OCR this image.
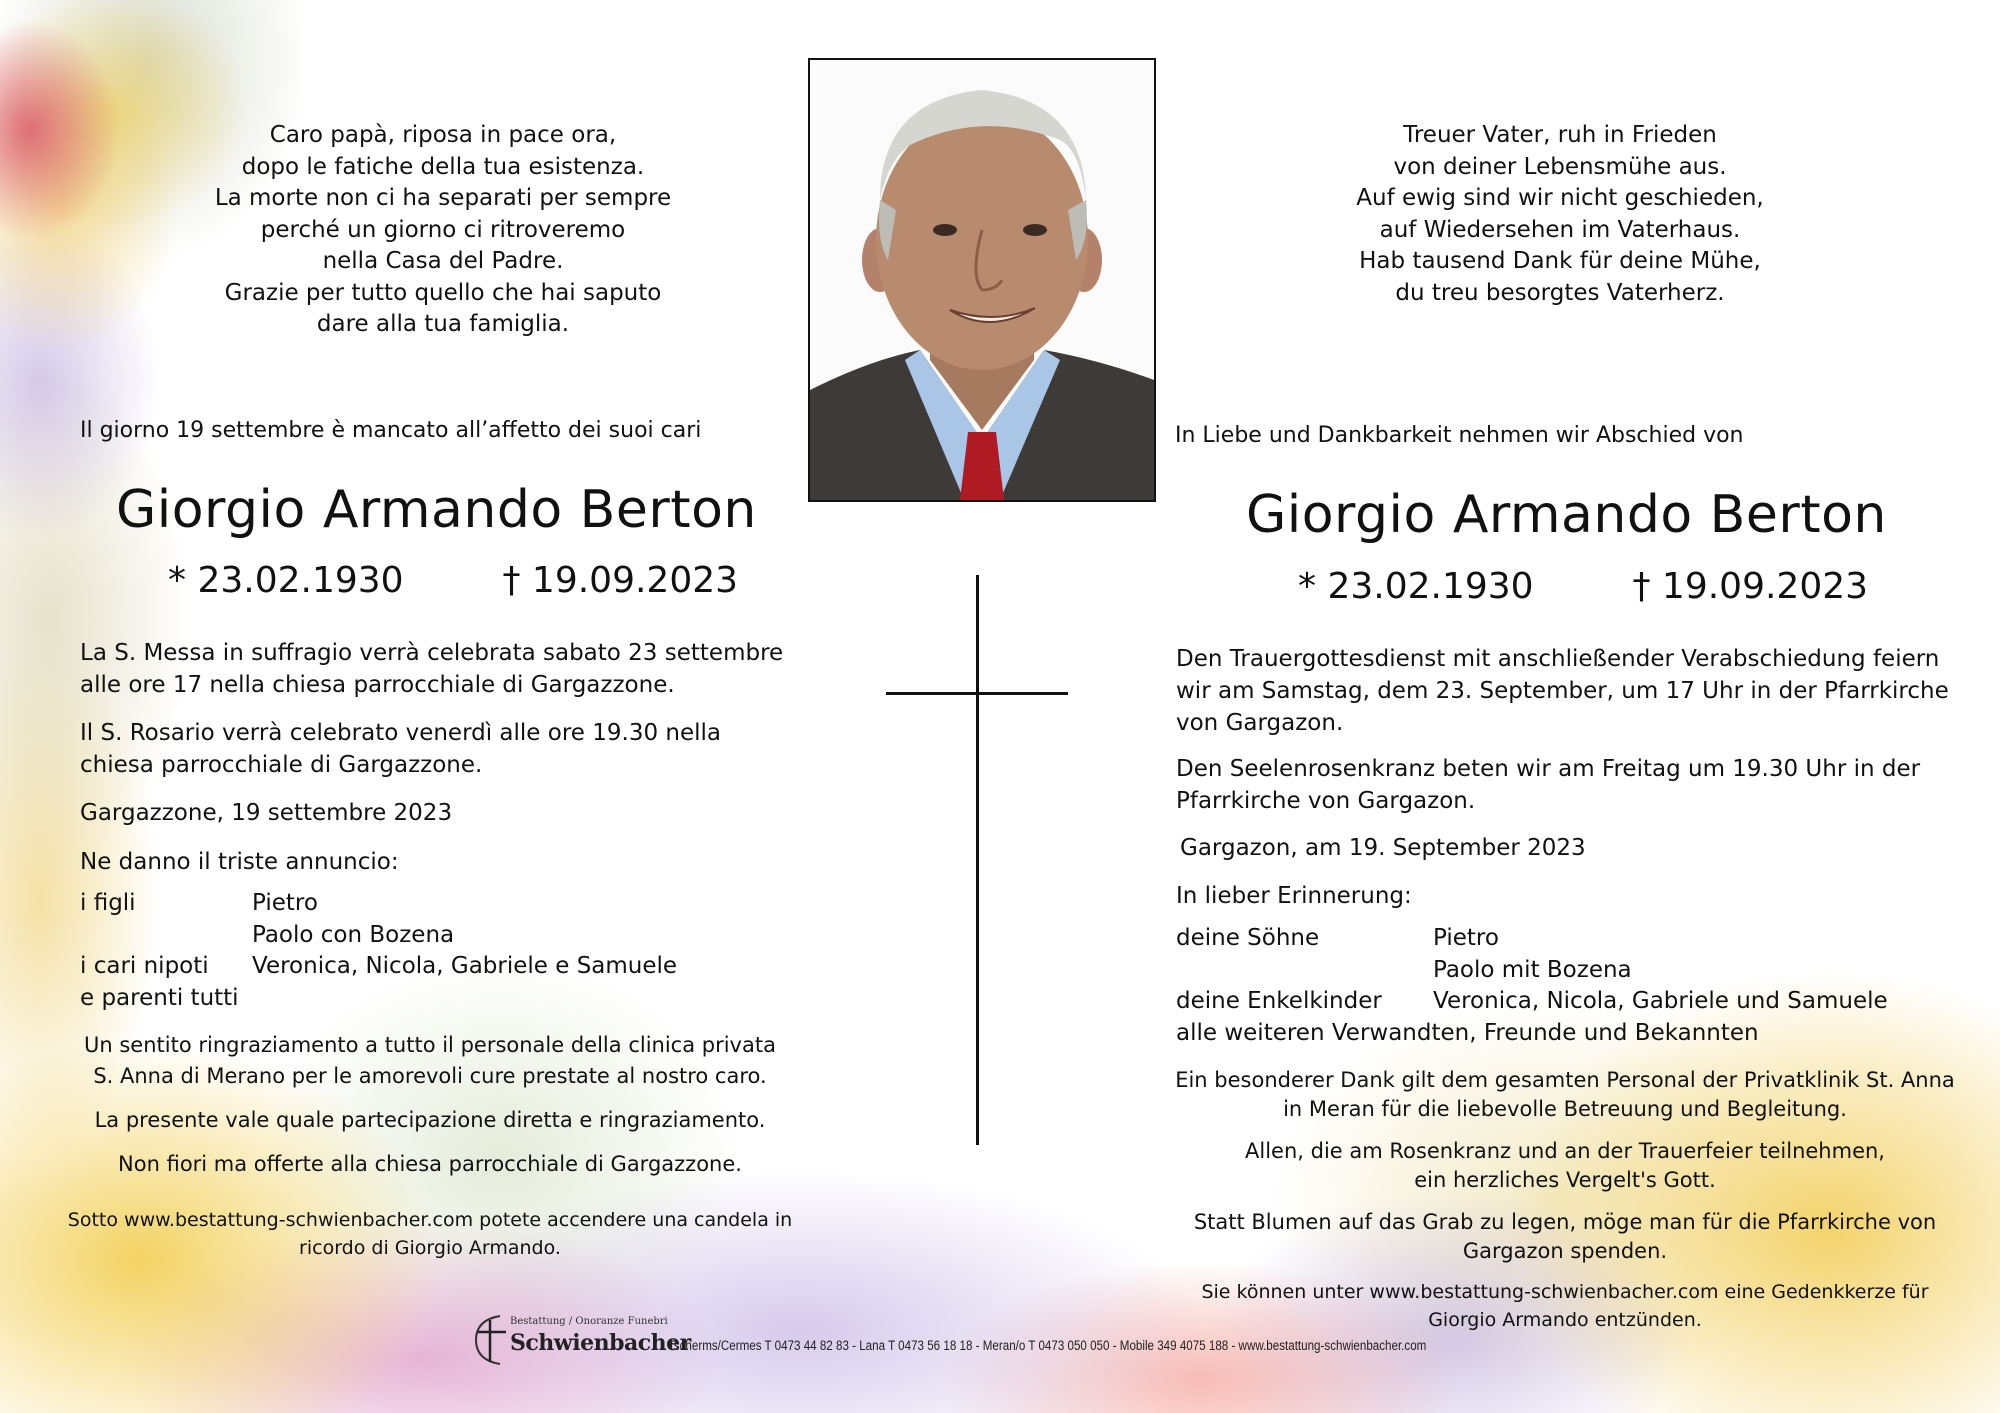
Caro papà, riposa in pace ora,
dopo le fatiche della tua esistenza.
La morte non ci ha separati per sempre
perché un giorno ci ritroveremo
nella Casa del Padre.
Grazie per tutto quello che hai saputo
dare alla tua famiglia.
Il giorno 19 settembre è mancato all’affetto dei suoi cari
Giorgio Armando Berton
* 23.02.1930	† 19.09.2023
La S. Messa in suffragio verrà celebrata sabato 23 settembre
alle ore 17 nella chiesa parrocchiale di Gargazzone.
Il S. Rosario verrà celebrato venerdì alle ore 19.30 nella
chiesa parrocchiale di Gargazzone.
Gargazzone, 19 settembre 2023
Ne danno il triste annuncio:
i figli	Pietro
Paolo con Bozena
i cari nipoti	Veronica, Nicola, Gabriele e Samuele
e parenti tutti
Un sentito ringraziamento a tutto il personale della clinica privata
S. Anna di Merano per le amorevoli cure prestate al nostro caro.
La presente vale quale partecipazione diretta e ringraziamento.
Non fiori ma offerte alla chiesa parrocchiale di Gargazzone.
Sotto www.bestattung-schwienbacher.com potete accendere una candela in
ricordo di Giorgio Armando.
Treuer Vater, ruh in Frieden
von deiner Lebensmühe aus.
Auf ewig sind wir nicht geschieden,
auf Wiedersehen im Vaterhaus.
Hab tausend Dank für deine Mühe,
du treu besorgtes Vaterherz.
In Liebe und Dankbarkeit nehmen wir Abschied von
Giorgio Armando Berton
* 23.02.1930	† 19.09.2023
Den Trauergottesdienst mit anschließender Verabschiedung feiern
wir am Samstag, dem 23. September, um 17 Uhr in der Pfarrkirche
von Gargazon.
Den Seelenrosenkranz beten wir am Freitag um 19.30 Uhr in der
Pfarrkirche von Gargazon.
Gargazon, am 19. September 2023
In lieber Erinnerung:
deine Söhne	Pietro
Paolo mit Bozena
deine Enkelkinder	Veronica, Nicola, Gabriele und Samuele
alle weiteren Verwandten, Freunde und Bekannten
Ein besonderer Dank gilt dem gesamten Personal der Privatklinik St. Anna
in Meran für die liebevolle Betreuung und Begleitung.
Allen, die am Rosenkranz und an der Trauerfeier teilnehmen,
ein herzliches Vergelt's Gott.
Statt Blumen auf das Grab zu legen, möge man für die Pfarrkirche von
Gargazon spenden.
Sie können unter www.bestattung-schwienbacher.com eine Gedenkkerze für
Giorgio Armando entzünden.
Bestattung / Onoranze Funebri
Schwienbacher
Tscherms/Cermes T 0473 44 82 83 - Lana T 0473 56 18 18 - Meran/o T 0473 050 050 - Mobile 349 4075 188 - www.bestattung-schwienbacher.com
